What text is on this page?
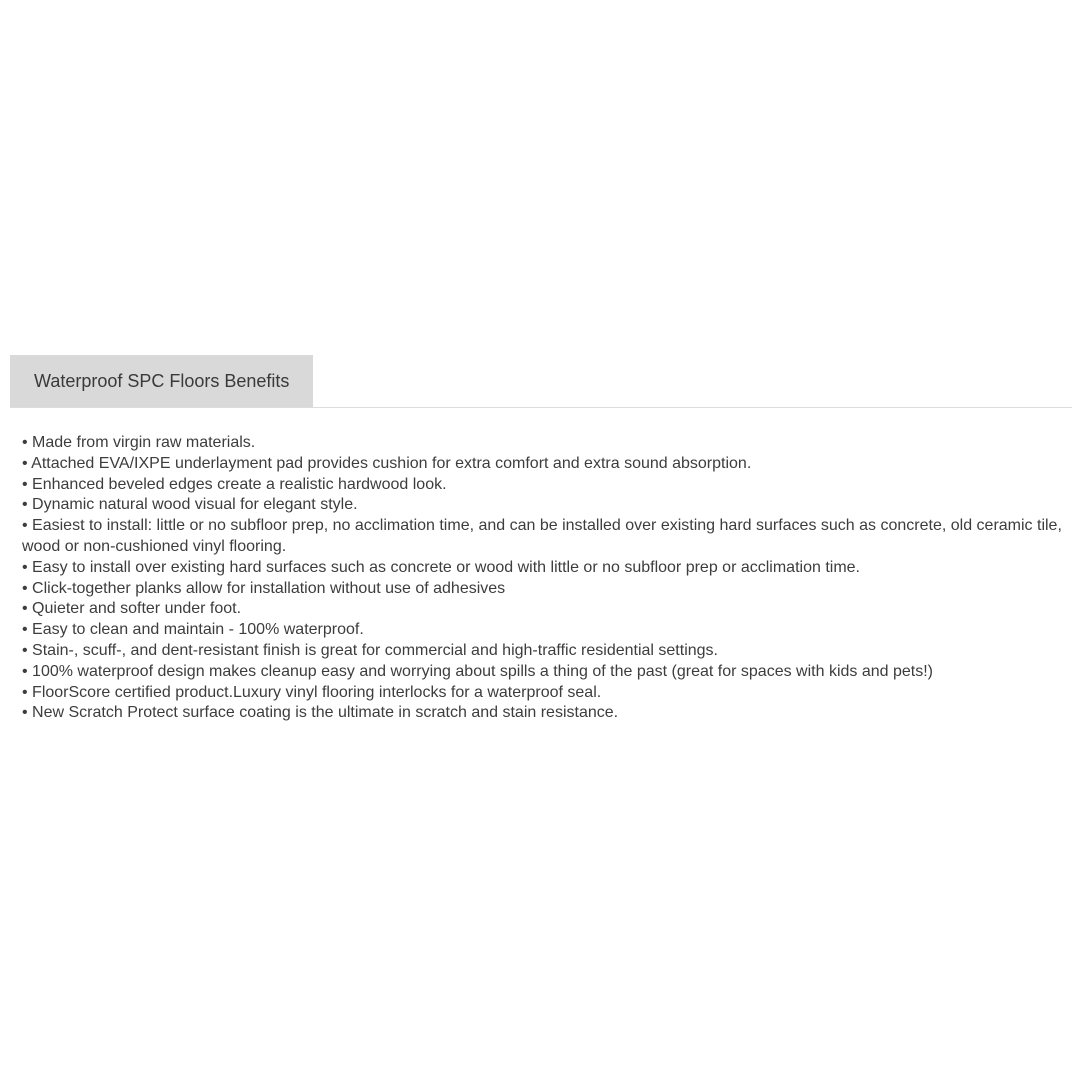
Waterproof SPC Floors Benefits
• Made from virgin raw materials.
• Attached EVA/IXPE underlayment pad provides cushion for extra comfort and extra sound absorption.
• Enhanced beveled edges create a realistic hardwood look.
• Dynamic natural wood visual for elegant style.
• Easiest to install: little or no subfloor prep, no acclimation time, and can be installed over existing hard surfaces such as concrete, old ceramic tile, wood or non-cushioned vinyl flooring.
• Easy to install over existing hard surfaces such as concrete or wood with little or no subfloor prep or acclimation time.
• Click-together planks allow for installation without use of adhesives
• Quieter and softer under foot.
• Easy to clean and maintain - 100% waterproof.
• Stain-, scuff-, and dent-resistant finish is great for commercial and high-traffic residential settings.
• 100% waterproof design makes cleanup easy and worrying about spills a thing of the past (great for spaces with kids and pets!)
• FloorScore certified product.Luxury vinyl flooring interlocks for a waterproof seal.
• New Scratch Protect surface coating is the ultimate in scratch and stain resistance.
